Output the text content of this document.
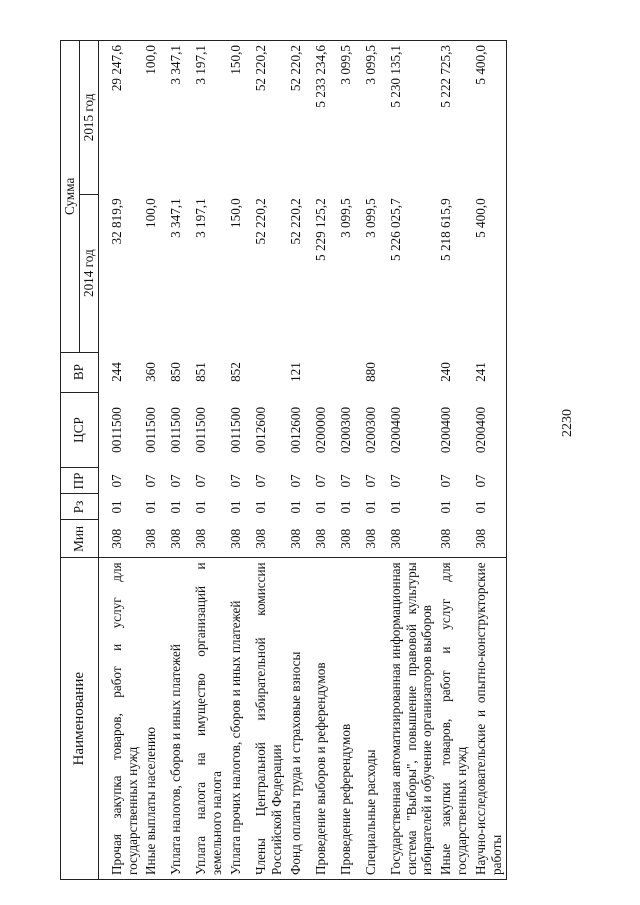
2230
Наименование	Мин	Рз	ПР	ЦСР	ВР	Сумма	
						2014 год	2015 год

Прочая закупка товаров, работ и услуг для государственных нужд	308	01	07	0011500	244	32 819,9	29 247,6
Иные выплаты населению	308	01	07	0011500	360	100,0	100,0
Уплата налогов, сборов и иных платежей	308	01	07	0011500	850	3 347,1	3 347,1
Уплата налога на имущество организаций и земельного налога	308	01	07	0011500	851	3 197,1	3 197,1
Уплата прочих налогов, сборов и иных платежей	308	01	07	0011500	852	150,0	150,0
Члены Центральной избирательной комиссии Российской Федерации	308	01	07	0012600		52 220,2	52 220,2
Фонд оплаты труда и страховые взносы	308	01	07	0012600	121	52 220,2	52 220,2
Проведение выборов и референдумов	308	01	07	0200000		5 229 125,2	5 233 234,6
Проведение референдумов	308	01	07	0200300		3 099,5	3 099,5
Специальные расходы	308	01	07	0200300	880	3 099,5	3 099,5
Государственная автоматизированная информационная система "Выборы", повышение правовой культуры избирателей и обучение организаторов выборов	308	01	07	0200400		5 226 025,7	5 230 135,1
Иные закупки товаров, работ и услуг для государственных нужд	308	01	07	0200400	240	5 218 615,9	5 222 725,3
Научно-исследовательские и опытно-конструкторские работы	308	01	07	0200400	241	5 400,0	5 400,0
